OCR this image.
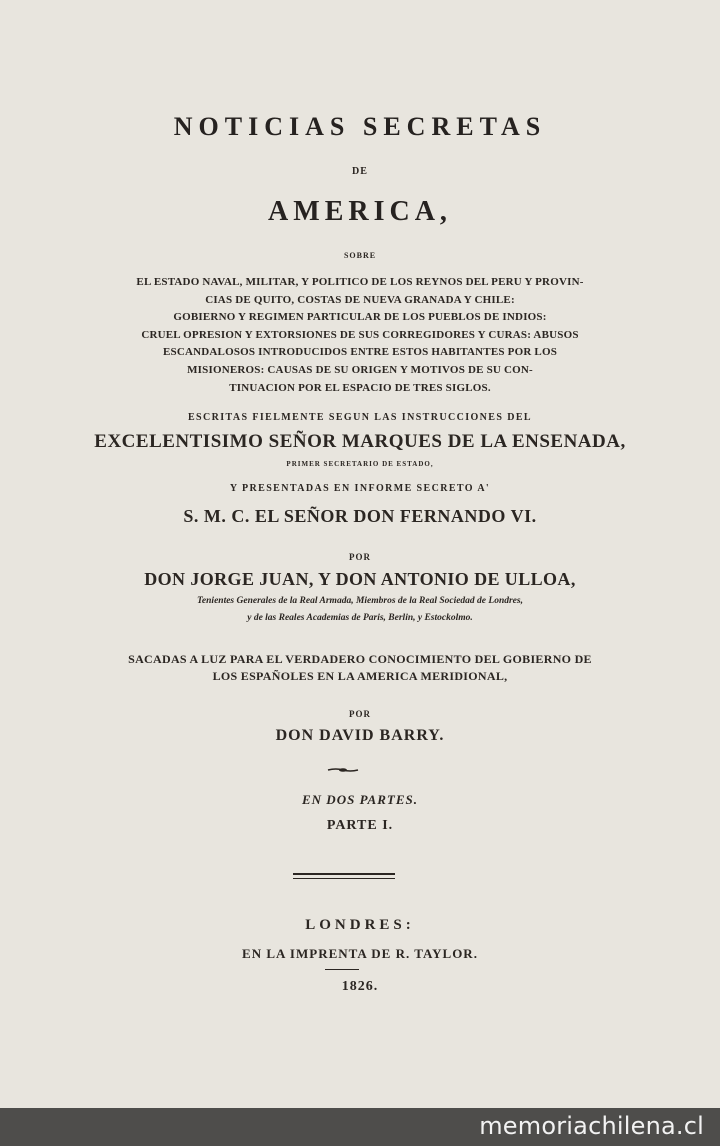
NOTICIAS SECRETAS
DE
AMERICA,
SOBRE
EL ESTADO NAVAL, MILITAR, Y POLITICO DE LOS REYNOS DEL PERU Y PROVIN-
CIAS DE QUITO, COSTAS DE NUEVA GRANADA Y CHILE:
GOBIERNO Y REGIMEN PARTICULAR DE LOS PUEBLOS DE INDIOS:
CRUEL OPRESION Y EXTORSIONES DE SUS CORREGIDORES Y CURAS: ABUSOS
ESCANDALOSOS INTRODUCIDOS ENTRE ESTOS HABITANTES POR LOS
MISIONEROS: CAUSAS DE SU ORIGEN Y MOTIVOS DE SU CON-
TINUACION POR EL ESPACIO DE TRES SIGLOS.
ESCRITAS FIELMENTE SEGUN LAS INSTRUCCIONES DEL
EXCELENTISIMO SEÑOR MARQUES DE LA ENSENADA,
PRIMER SECRETARIO DE ESTADO,
Y PRESENTADAS EN INFORME SECRETO A'
S. M. C. EL SEÑOR DON FERNANDO VI.
POR
DON JORGE JUAN, Y DON ANTONIO DE ULLOA,
Tenientes Generales de la Real Armada, Miembros de la Real Sociedad de Londres,
y de las Reales Academias de Paris, Berlin, y Estockolmo.
SACADAS A LUZ PARA EL VERDADERO CONOCIMIENTO DEL GOBIERNO DE
LOS ESPAÑOLES EN LA AMERICA MERIDIONAL,
POR
DON DAVID BARRY.
EN DOS PARTES.
PARTE I.
LONDRES:
EN LA IMPRENTA DE R. TAYLOR.
1826.
memoriachilena.cl
